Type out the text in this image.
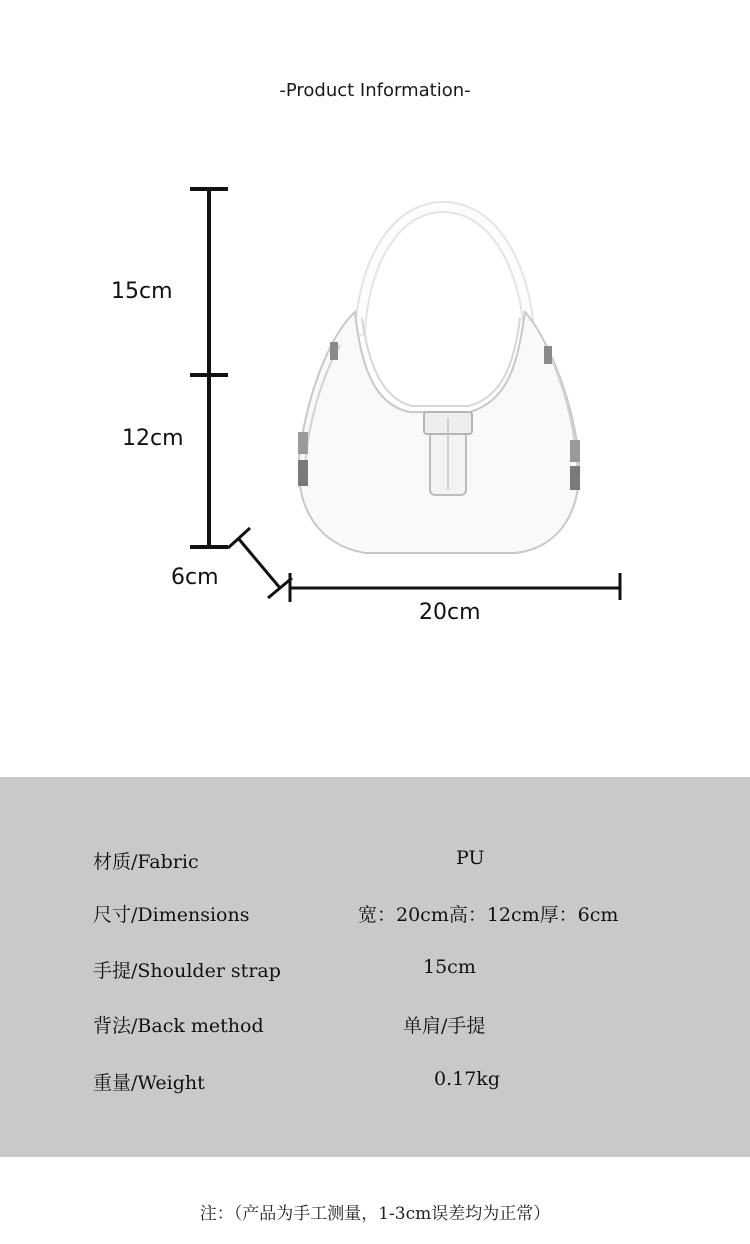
-Product Information-
15cm
12cm
6cm
20cm
材质/Fabric	PU
尺寸/Dimensions	宽：20cm高：12cm厚：6cm
手提/Shoulder strap	15cm
背法/Back method	单肩/手提
重量/Weight	0.17kg
注：（产品为手工测量，1-3cm误差均为正常）
